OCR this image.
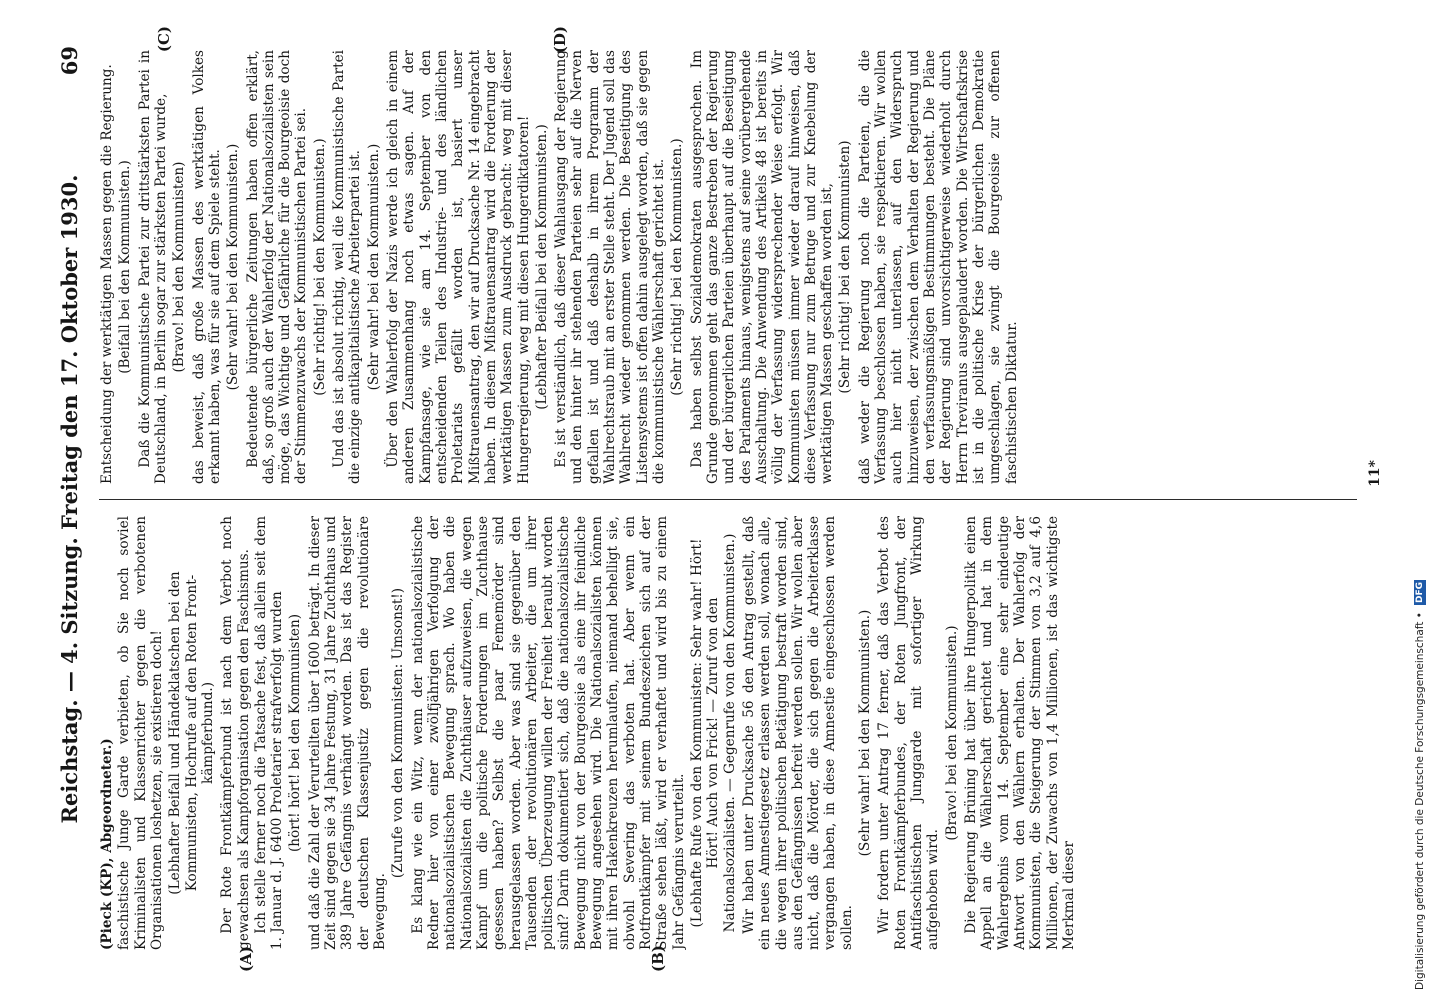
Reichstag. — 4. Sitzung. Freitag den 17. Oktober 1930.
69

(Pieck (KP), Abgeordneter.) faschistische Junge Garde verbieten, ob Sie noch soviel Kriminalisten und Klassenrichter gegen die verbotenen Organisationen loshetzen, sie existieren doch! (Lebhafter Beifall und Händeklatschen bei den Kommunisten, Hochrufe auf den Roten Front-kämpferbund.) Der Rote Frontkämpferbund ist nach dem Verbot noch gewachsen als Kampforganisation gegen den Faschismus. Ich stelle ferner noch die Tatsache fest, daß allein seit dem 1. Januar d. J. 6400 Proletarier strafverfolgt wurden (hört! hört! bei den Kommunisten) und daß die Zahl der Verurteilten über 1600 beträgt. In dieser Zeit sind gegen sie 34 Jahre Festung, 31 Jahre Zuchthaus und 389 Jahre Gefängnis verhängt worden. Das ist das Register der deutschen Klassenjustiz gegen die revolutionäre Bewegung.

(Zurufe von den Kommunisten: Umsonst!) Es klang wie ein Witz, wenn der nationalsozialistische Redner hier von einer zwölfjährigen Verfolgung der nationalsozialistischen Bewegung sprach. Wo haben die Nationalsozialisten die Zuchthäuser aufzuweisen, die wegen Kampf um die politische Forderungen im Zuchthause gesessen haben? Selbst die paar Fememörder sind herausgelassen worden. Aber was sind sie gegenüber den Tausenden der revolutionären Arbeiter, die um ihrer politischen Überzeugung willen der Freiheit beraubt worden sind? Darin dokumentiert sich, daß die nationalsozialistische Bewegung nicht von der Bourgeoisie als eine ihr feindliche Bewegung angesehen wird. Die Nationalsozialisten können mit ihren Hakenkreuzen herumlaufen, niemand behelligt sie, obwohl Severing das verboten hat. Aber wenn ein Rotfrontkämpfer mit seinem Bundeszeichen sich auf der Straße sehen läßt, wird er verhaftet und wird bis zu einem Jahr Gefängnis verurteilt. (Lebhafte Rufe von den Kommunisten: Sehr wahr! Hört! Hört! Auch von Frick! — Zuruf von den Nationalsozialisten. — Gegenrufe von den Kommunisten.) Wir haben unter Drucksache 56 den Antrag gestellt, daß ein neues Amnestiegesetz erlassen werden soll, wonach alle, die wegen ihrer politischen Betätigung bestraft worden sind, aus den Gefängnissen befreit werden sollen. Wir wollen aber nicht, daß die Mörder, die sich gegen die Arbeiterklasse vergangen haben, in diese Amnestie eingeschlossen werden sollen.

(Sehr wahr! bei den Kommunisten.) Wir fordern unter Antrag 17 ferner, daß das Verbot des Roten Frontkämpferbundes, der Roten Jungfront, der Antifaschistischen Junggarde mit sofortiger Wirkung aufgehoben wird.

(Bravo! bei den Kommunisten.) Die Regierung Brüning hat über ihre Hungerpolitik einen Appell an die Wählerschaft gerichtet und hat in dem Wahlergebnis vom 14. September eine sehr eindeutige Antwort von den Wählern erhalten. Der Wahlerfolg der Kommunisten, die Steigerung der Stimmen von 3,2 auf 4,6 Millionen, der Zuwachs von 1,4 Millionen, ist das wichtigste Merkmal dieser

Entscheidung der werktätigen Massen gegen die Regierung. (Beifall bei den Kommunisten.) Daß die Kommunistische Partei zur drittstärksten Partei in Deutschland, in Berlin sogar zur stärksten Partei wurde, (Bravo! bei den Kommunisten) das beweist, daß große Massen des werktätigen Volkes erkannt haben, was für sie auf dem Spiele steht. (Sehr wahr! bei den Kommunisten.) Bedeutende bürgerliche Zeitungen haben offen erklärt, daß, so groß auch der Wahlerfolg der Nationalsozialisten sein möge, das Wichtige und Gefährliche für die Bourgeoisie doch der Stimmenzuwachs der Kommunistischen Partei sei. (Sehr richtig! bei den Kommunisten.) Und das ist absolut richtig, weil die Kommunistische Partei die einzige antikapitalistische Arbeiterpartei ist. (Sehr wahr! bei den Kommunisten.) Über den Wahlerfolg der Nazis werde ich gleich in einem anderen Zusammenhang noch etwas sagen. Auf der Kampfansage, wie sie am 14. September von den entscheidenden Teilen des Industrie- und des ländlichen Proletariats gefällt worden ist, basiert unser Mißtrauensantrag, den wir auf Drucksache Nr. 14 eingebracht haben. In diesem Mißtrauensantrag wird die Forderung der werktätigen Massen zum Ausdruck gebracht: weg mit dieser Hungerregierung, weg mit diesen Hungerdiktatoren! (Lebhafter Beifall bei den Kommunisten.) Es ist verständlich, daß dieser Wahlausgang der Regierung und den hinter ihr stehenden Parteien sehr auf die Nerven gefallen ist und daß deshalb in ihrem Programm der Wahlrechtsraub mit an erster Stelle steht. Der Jugend soll das Wahlrecht wieder genommen werden. Die Beseitigung des Listensystems ist offen dahin ausgelegt worden, daß sie gegen die kommunistische Wählerschaft gerichtet ist. (Sehr richtig! bei den Kommunisten.) Das haben selbst Sozialdemokraten ausgesprochen. Im Grunde genommen geht das ganze Bestreben der Regierung und der bürgerlichen Parteien überhaupt auf die Beseitigung des Parlaments hinaus, wenigstens auf seine vorübergehende Ausschaltung. Die Anwendung des Artikels 48 ist bereits in völlig der Verfassung widersprechender Weise erfolgt. Wir Kommunisten müssen immer wieder darauf hinweisen, daß diese Verfassung nur zum Betruge und zur Knebelung der werktätigen Massen geschaffen worden ist, (Sehr richtig! bei den Kommunisten) daß weder die Regierung noch die Parteien, die die Verfassung beschlossen haben, sie respektieren. Wir wollen auch hier nicht unterlassen, auf den Widerspruch hinzuweisen, der zwischen dem Verhalten der Regierung und den verfassungsmäßigen Bestimmungen besteht. Die Pläne der Regierung sind unvorsichtigerweise wiederholt durch Herrn Treviranus ausgeplaudert worden. Die Wirtschaftskrise ist in die politische Krise der bürgerlichen Demokratie umgeschlagen, sie zwingt die Bourgeoisie zur offenen faschistischen Diktatur.

(A)	(B)
(C)	(D)
11*
Digitalisierung gefördert durch die Deutsche Forschungsgemeinschaft • DFG
